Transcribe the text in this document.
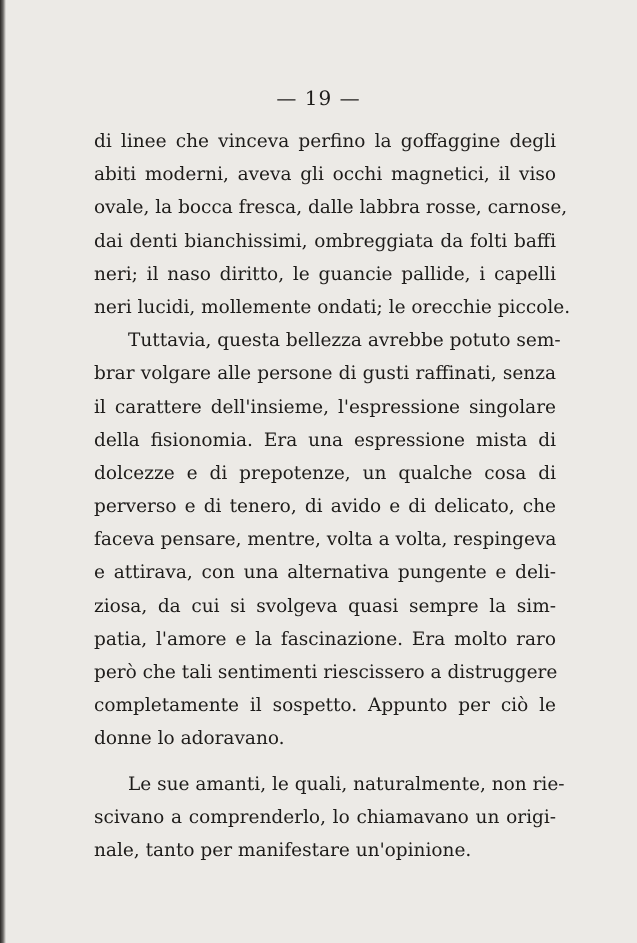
— 19 —
di linee che vinceva perfino la goffaggine degli
abiti moderni, aveva gli occhi magnetici, il viso
ovale, la bocca fresca, dalle labbra rosse, carnose,
dai denti bianchissimi, ombreggiata da folti baffi
neri; il naso diritto, le guancie pallide, i capelli
neri lucidi, mollemente ondati; le orecchie piccole.
Tuttavia, questa bellezza avrebbe potuto sem-
brar volgare alle persone di gusti raffinati, senza
il carattere dell'insieme, l'espressione singolare
della fisionomia. Era una espressione mista di
dolcezze e di prepotenze, un qualche cosa di
perverso e di tenero, di avido e di delicato, che
faceva pensare, mentre, volta a volta, respingeva
e attirava, con una alternativa pungente e deli-
ziosa, da cui si svolgeva quasi sempre la sim-
patia, l'amore e la fascinazione. Era molto raro
però che tali sentimenti riescissero a distruggere
completamente il sospetto. Appunto per ciò le
donne lo adoravano.
Le sue amanti, le quali, naturalmente, non rie-
scivano a comprenderlo, lo chiamavano un origi-
nale, tanto per manifestare un'opinione.
